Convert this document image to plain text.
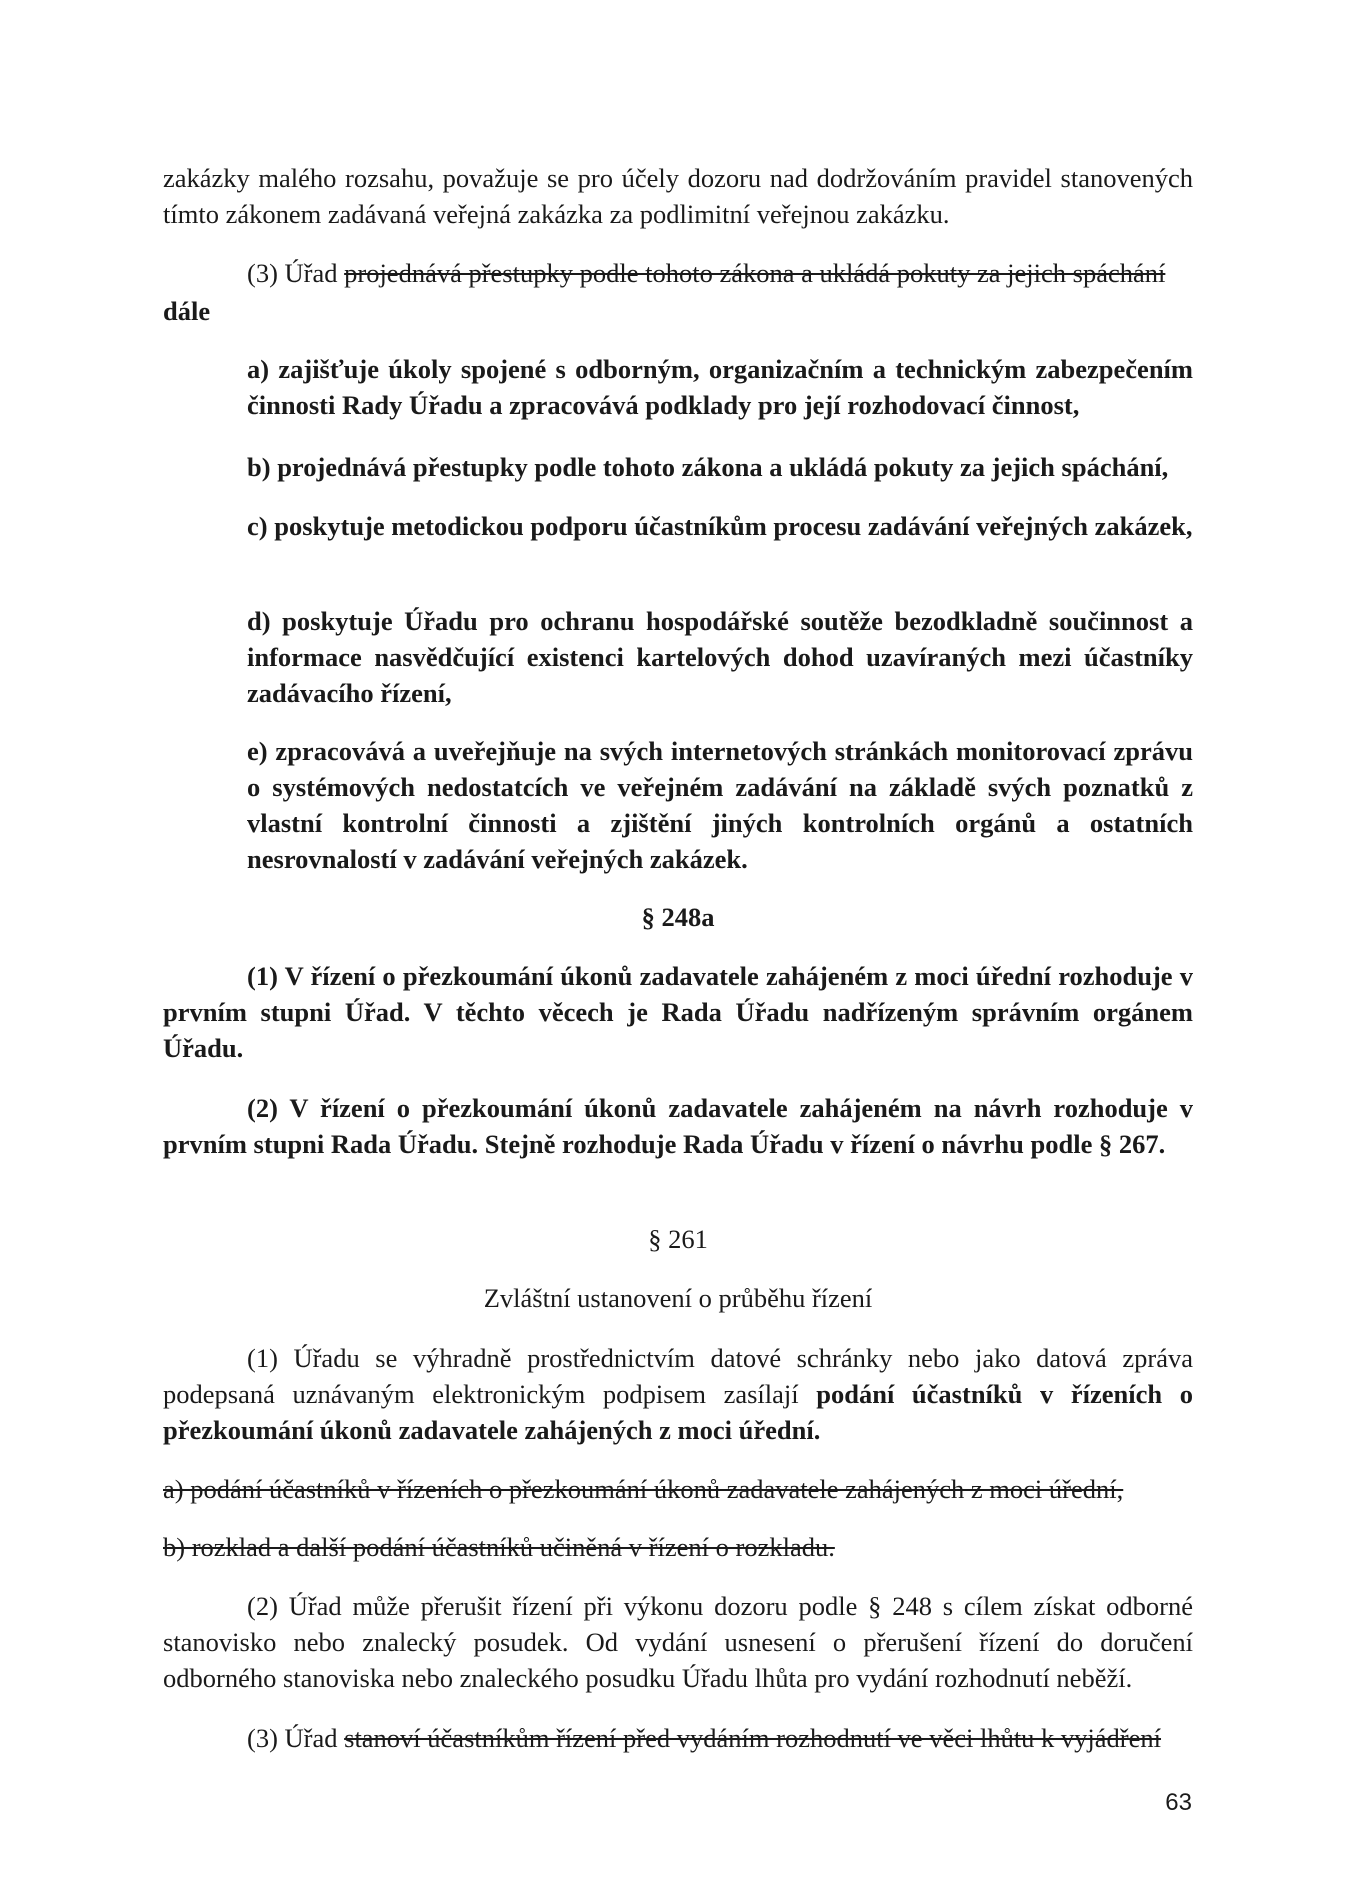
zakázky malého rozsahu, považuje se pro účely dozoru nad dodržováním pravidel stanovených tímto zákonem zadávaná veřejná zakázka za podlimitní veřejnou zakázku.
(3) Úřad projednává přestupky podle tohoto zákona a ukládá pokuty za jejich spáchání
dále
a) zajišťuje úkoly spojené s odborným, organizačním a technickým zabezpečením činnosti Rady Úřadu a zpracovává podklady pro její rozhodovací činnost,
b) projednává přestupky podle tohoto zákona a ukládá pokuty za jejich spáchání,
c) poskytuje metodickou podporu účastníkům procesu zadávání veřejných zakázek,
d) poskytuje Úřadu pro ochranu hospodářské soutěže bezodkladně součinnost a informace nasvědčující existenci kartelových dohod uzavíraných mezi účastníky zadávacího řízení,
e) zpracovává a uveřejňuje na svých internetových stránkách monitorovací zprávu o systémových nedostatcích ve veřejném zadávání na základě svých poznatků z vlastní kontrolní činnosti a zjištění jiných kontrolních orgánů a ostatních nesrovnalostí v zadávání veřejných zakázek.
§ 248a
(1) V řízení o přezkoumání úkonů zadavatele zahájeném z moci úřední rozhoduje v prvním stupni Úřad. V těchto věcech je Rada Úřadu nadřízeným správním orgánem Úřadu.
(2) V řízení o přezkoumání úkonů zadavatele zahájeném na návrh rozhoduje v prvním stupni Rada Úřadu. Stejně rozhoduje Rada Úřadu v řízení o návrhu podle § 267.
§ 261
Zvláštní ustanovení o průběhu řízení
(1) Úřadu se výhradně prostřednictvím datové schránky nebo jako datová zpráva podepsaná uznávaným elektronickým podpisem zasílají podání účastníků v řízeních o přezkoumání úkonů zadavatele zahájených z moci úřední.
a) podání účastníků v řízeních o přezkoumání úkonů zadavatele zahájených z moci úřední,
b) rozklad a další podání účastníků učiněná v řízení o rozkladu.
(2) Úřad může přerušit řízení při výkonu dozoru podle § 248 s cílem získat odborné stanovisko nebo znalecký posudek. Od vydání usnesení o přerušení řízení do doručení odborného stanoviska nebo znaleckého posudku Úřadu lhůta pro vydání rozhodnutí neběží.
(3) Úřad stanoví účastníkům řízení před vydáním rozhodnutí ve věci lhůtu k vyjádření
63
